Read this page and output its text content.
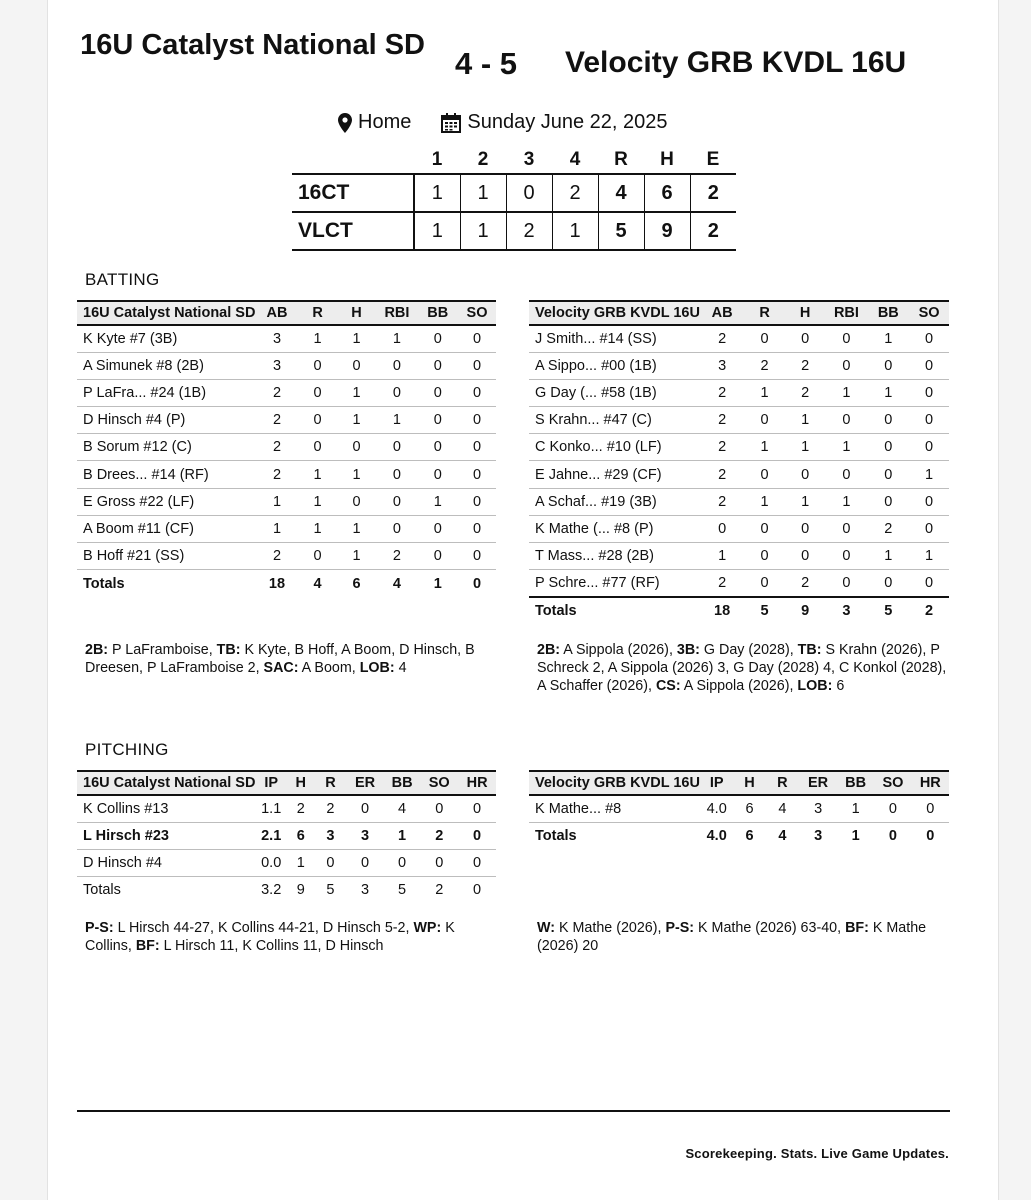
16U Catalyst National SD
4 - 5 Velocity GRB KVDL 16U
Home	Sunday June 22, 2025
	1	2	3	4	R	H	E
16CT	1	1	0	2	4	6	2
VLCT	1	1	2	1	5	9	2
BATTING
16U Catalyst National SD	AB	R	H	RBI	BB	SO
K Kyte #7 (3B)	3	1	1	1	0	0
A Simunek #8 (2B)	3	0	0	0	0	0
P LaFra... #24 (1B)	2	0	1	0	0	0
D Hinsch #4 (P)	2	0	1	1	0	0
B Sorum #12 (C)	2	0	0	0	0	0
B Drees... #14 (RF)	2	1	1	0	0	0
E Gross #22 (LF)	1	1	0	0	1	0
A Boom #11 (CF)	1	1	1	0	0	0
B Hoff #21 (SS)	2	0	1	2	0	0
Totals	18	4	6	4	1	0
Velocity GRB KVDL 16U	AB	R	H	RBI	BB	SO
J Smith... #14 (SS)	2	0	0	0	1	0
A Sippo... #00 (1B)	3	2	2	0	0	0
G Day (... #58 (1B)	2	1	2	1	1	0
S Krahn... #47 (C)	2	0	1	0	0	0
C Konko... #10 (LF)	2	1	1	1	0	0
E Jahne... #29 (CF)	2	0	0	0	0	1
A Schaf... #19 (3B)	2	1	1	1	0	0
K Mathe (... #8 (P)	0	0	0	0	2	0
T Mass... #28 (2B)	1	0	0	0	1	1
P Schre... #77 (RF)	2	0	2	0	0	0
Totals	18	5	9	3	5	2
2B: P LaFramboise, TB: K Kyte, B Hoff, A Boom, D Hinsch, B Dreesen, P LaFramboise 2, SAC: A Boom, LOB: 4
2B: A Sippola (2026), 3B: G Day (2028), TB: S Krahn (2026), P Schreck 2, A Sippola (2026) 3, G Day (2028) 4, C Konkol (2028), A Schaffer (2026), CS: A Sippola (2026), LOB: 6
PITCHING
16U Catalyst National SD	IP	H	R	ER	BB	SO	HR
K Collins #13	1.1	2	2	0	4	0	0
L Hirsch #23	2.1	6	3	3	1	2	0
D Hinsch #4	0.0	1	0	0	0	0	0
Totals	3.2	9	5	3	5	2	0
Velocity GRB KVDL 16U	IP	H	R	ER	BB	SO	HR
K Mathe... #8	4.0	6	4	3	1	0	0
Totals	4.0	6	4	3	1	0	0
P-S: L Hirsch 44-27, K Collins 44-21, D Hinsch 5-2, WP: K Collins, BF: L Hirsch 11, K Collins 11, D Hinsch
W: K Mathe (2026), P-S: K Mathe (2026) 63-40, BF: K Mathe (2026) 20
Scorekeeping. Stats. Live Game Updates.
